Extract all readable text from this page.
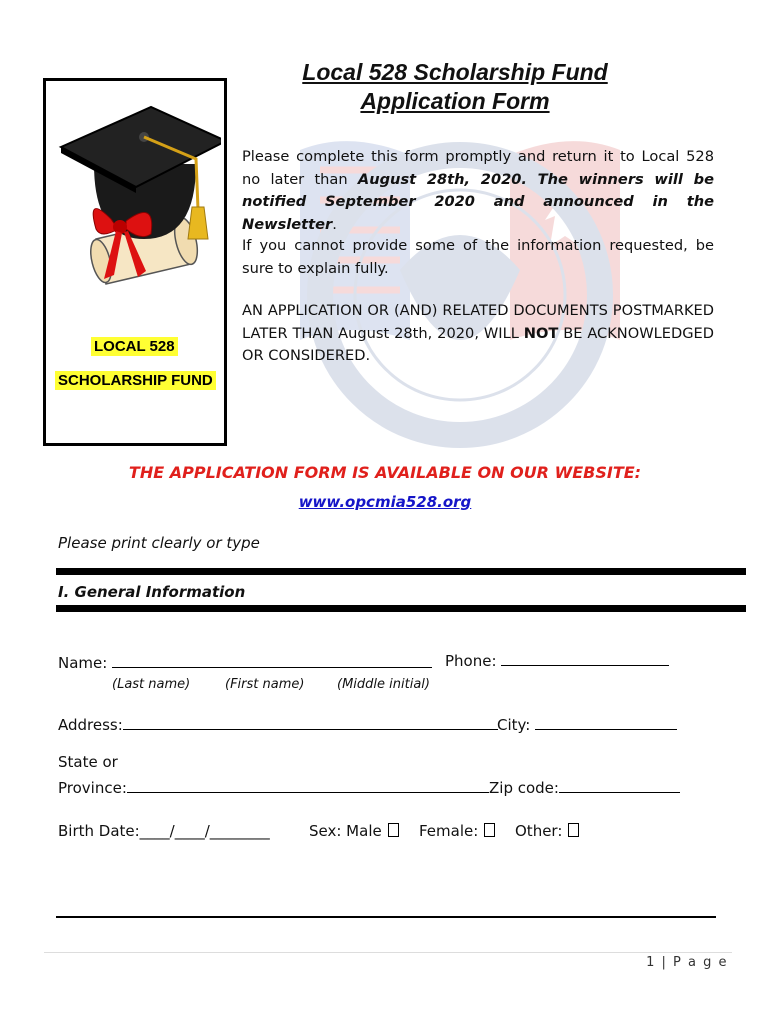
LOCAL 528
SCHOLARSHIP FUND
Local 528 Scholarship Fund
Application Form
Please complete this form promptly and return it to Local 528 no later than August 28th, 2020. The winners will be notified September 2020 and announced in the Newsletter.
If you cannot provide some of the information requested, be sure to explain fully.
AN APPLICATION OR (AND) RELATED DOCUMENTS POSTMARKED LATER THAN August 28th, 2020, WILL NOT BE ACKNOWLEDGED OR CONSIDERED.
THE APPLICATION FORM IS AVAILABLE ON OUR WEBSITE:
www.opcmia528.org
Please print clearly or type
I. General Information
Name:	Phone:
(Last name)	(First name)	(Middle initial)
Address:	City:
State or
Province:	Zip code:
Birth Date:____/____/________	Sex: Male	Female:	Other:
1 | P a g e
